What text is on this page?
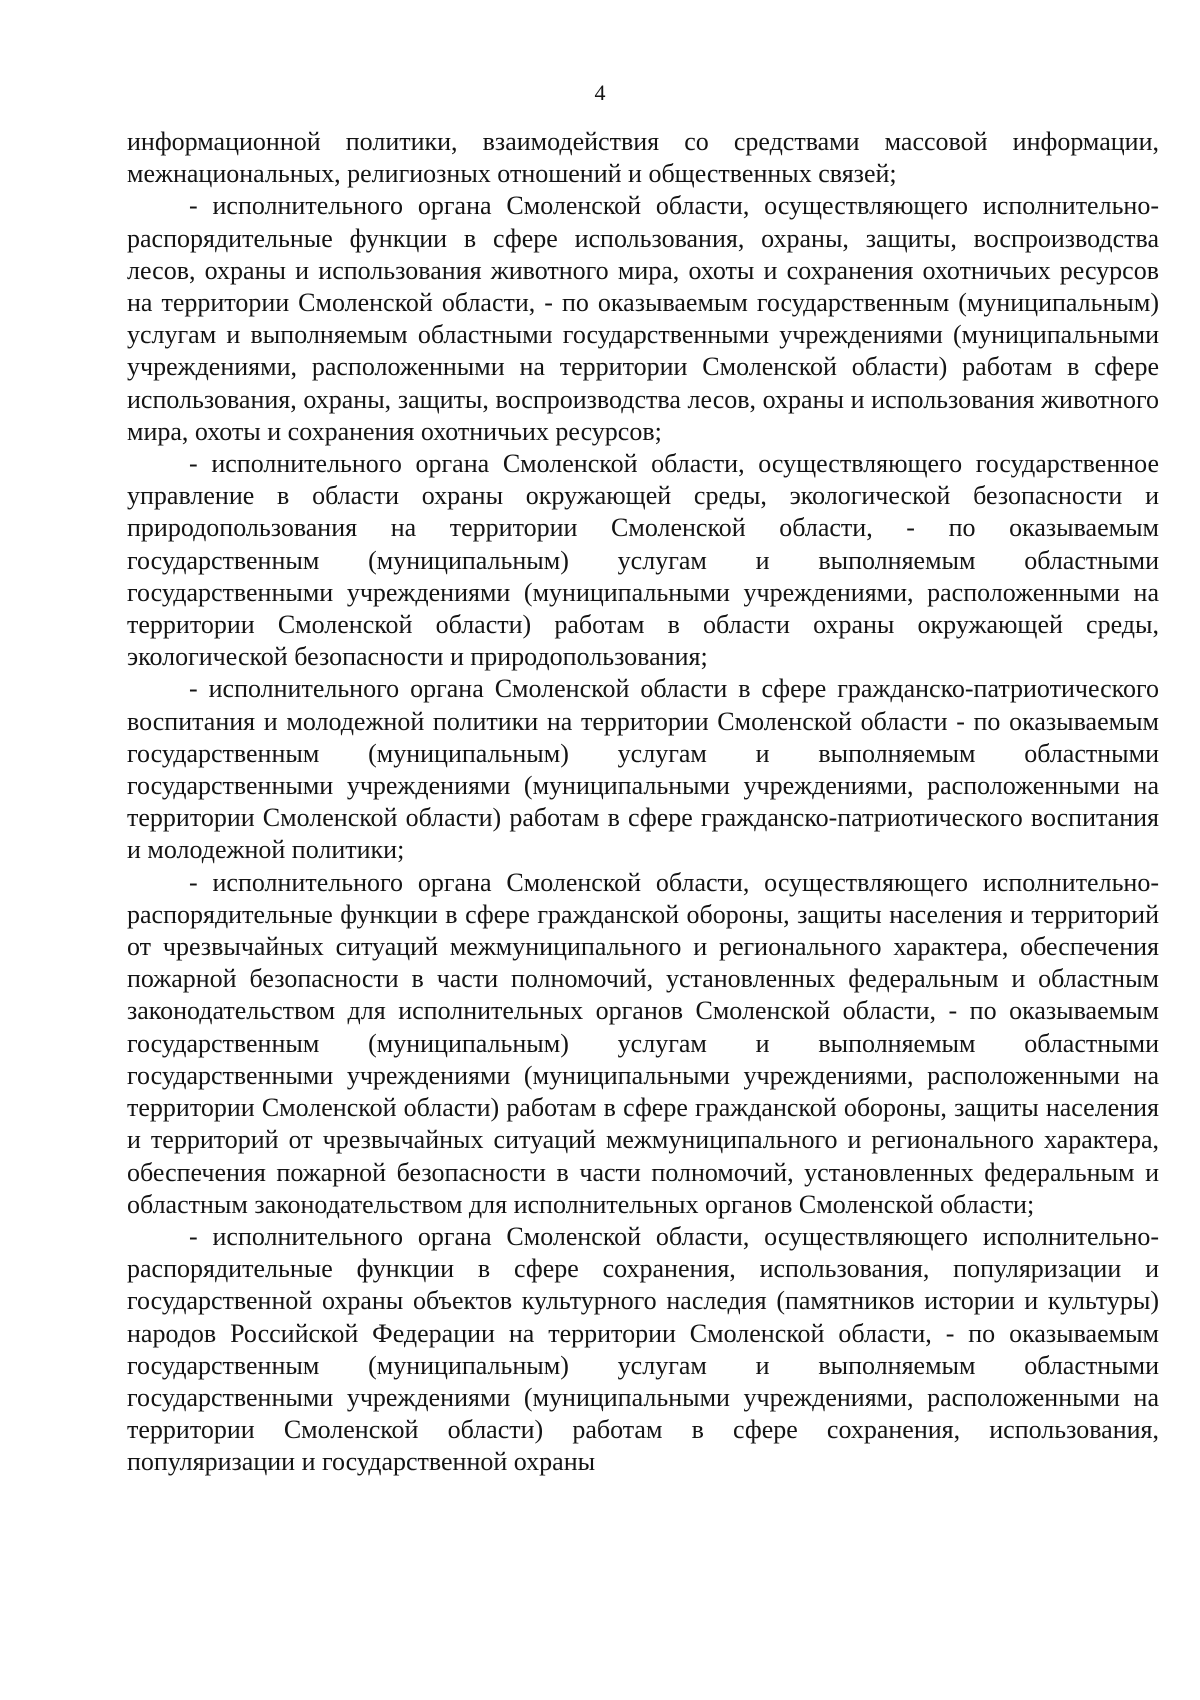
4

информационной политики, взаимодействия со средствами массовой информации, межнациональных, религиозных отношений и общественных связей;

- исполнительного органа Смоленской области, осуществляющего исполнительно-распорядительные функции в сфере использования, охраны, защиты, воспроизводства лесов, охраны и использования животного мира, охоты и сохранения охотничьих ресурсов на территории Смоленской области, - по оказываемым государственным (муниципальным) услугам и выполняемым областными государственными учреждениями (муниципальными учреждениями, расположенными на территории Смоленской области) работам в сфере использования, охраны, защиты, воспроизводства лесов, охраны и использования животного мира, охоты и сохранения охотничьих ресурсов;

- исполнительного органа Смоленской области, осуществляющего государственное управление в области охраны окружающей среды, экологической безопасности и природопользования на территории Смоленской области, - по оказываемым государственным (муниципальным) услугам и выполняемым областными государственными учреждениями (муниципальными учреждениями, расположенными на территории Смоленской области) работам в области охраны окружающей среды, экологической безопасности и природопользования;

- исполнительного органа Смоленской области в сфере гражданско-патриотического воспитания и молодежной политики на территории Смоленской области - по оказываемым государственным (муниципальным) услугам и выполняемым областными государственными учреждениями (муниципальными учреждениями, расположенными на территории Смоленской области) работам в сфере гражданско-патриотического воспитания и молодежной политики;

- исполнительного органа Смоленской области, осуществляющего исполнительно-распорядительные функции в сфере гражданской обороны, защиты населения и территорий от чрезвычайных ситуаций межмуниципального и регионального характера, обеспечения пожарной безопасности в части полномочий, установленных федеральным и областным законодательством для исполнительных органов Смоленской области, - по оказываемым государственным (муниципальным) услугам и выполняемым областными государственными учреждениями (муниципальными учреждениями, расположенными на территории Смоленской области) работам в сфере гражданской обороны, защиты населения и территорий от чрезвычайных ситуаций межмуниципального и регионального характера, обеспечения пожарной безопасности в части полномочий, установленных федеральным и областным законодательством для исполнительных органов Смоленской области;

- исполнительного органа Смоленской области, осуществляющего исполнительно-распорядительные функции в сфере сохранения, использования, популяризации и государственной охраны объектов культурного наследия (памятников истории и культуры) народов Российской Федерации на территории Смоленской области, - по оказываемым государственным (муниципальным) услугам и выполняемым областными государственными учреждениями (муниципальными учреждениями, расположенными на территории Смоленской области) работам в сфере сохранения, использования, популяризации и государственной охраны
